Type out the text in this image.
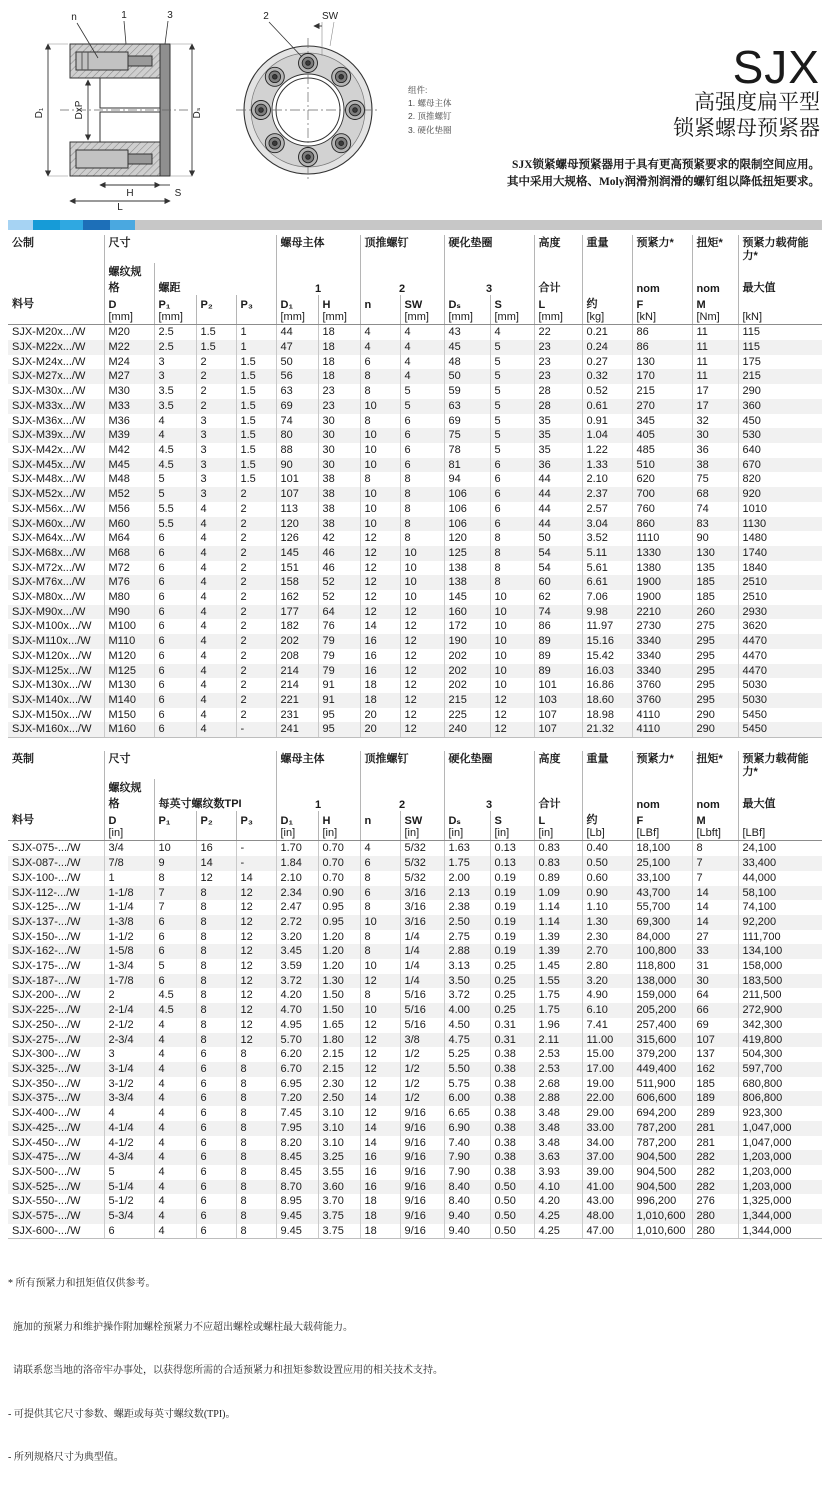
D₁	DxP	Dₛ
H	S
L
n	1	3	2	SW
组件:
1. 螺母主体
2. 顶推螺钉
3. 硬化垫圈
SJX
高强度扁平型
锁紧螺母预紧器
SJX锁紧螺母预紧器用于具有更高预紧要求的限制空间应用。
其中采用大规格、Moly润滑剂润滑的螺钉组以降低扭矩要求。
公制	尺寸				螺母主体		顶推螺钉		硬化垫圈		高度	重量	预紧力*	扭矩*	预紧力载荷能力*
	螺纹规格	螺距			1		2		3		合计		nom	nom	最大值
料号	D	P₁	P₂	P₃	D₁	H	n	SW	Dₛ	S	L	约	F	M	
	[mm]	[mm]			[mm]	[mm]		[mm]	[mm]	[mm]	[mm]	[kg]	[kN]	[Nm]	[kN]
SJX-M20x.../W	M20	2.5	1.5	1	44	18	4	4	43	4	22	0.21	86	11	115
SJX-M22x.../W	M22	2.5	1.5	1	47	18	4	4	45	5	23	0.24	86	11	115
SJX-M24x.../W	M24	3	2	1.5	50	18	6	4	48	5	23	0.27	130	11	175
SJX-M27x.../W	M27	3	2	1.5	56	18	8	4	50	5	23	0.32	170	11	215
SJX-M30x.../W	M30	3.5	2	1.5	63	23	8	5	59	5	28	0.52	215	17	290
SJX-M33x.../W	M33	3.5	2	1.5	69	23	10	5	63	5	28	0.61	270	17	360
SJX-M36x.../W	M36	4	3	1.5	74	30	8	6	69	5	35	0.91	345	32	450
SJX-M39x.../W	M39	4	3	1.5	80	30	10	6	75	5	35	1.04	405	30	530
SJX-M42x.../W	M42	4.5	3	1.5	88	30	10	6	78	5	35	1.22	485	36	640
SJX-M45x.../W	M45	4.5	3	1.5	90	30	10	6	81	6	36	1.33	510	38	670
SJX-M48x.../W	M48	5	3	1.5	101	38	8	8	94	6	44	2.10	620	75	820
SJX-M52x.../W	M52	5	3	2	107	38	10	8	106	6	44	2.37	700	68	920
SJX-M56x.../W	M56	5.5	4	2	113	38	10	8	106	6	44	2.57	760	74	1010
SJX-M60x.../W	M60	5.5	4	2	120	38	10	8	106	6	44	3.04	860	83	1130
SJX-M64x.../W	M64	6	4	2	126	42	12	8	120	8	50	3.52	1110	90	1480
SJX-M68x.../W	M68	6	4	2	145	46	12	10	125	8	54	5.11	1330	130	1740
SJX-M72x.../W	M72	6	4	2	151	46	12	10	138	8	54	5.61	1380	135	1840
SJX-M76x.../W	M76	6	4	2	158	52	12	10	138	8	60	6.61	1900	185	2510
SJX-M80x.../W	M80	6	4	2	162	52	12	10	145	10	62	7.06	1900	185	2510
SJX-M90x.../W	M90	6	4	2	177	64	12	12	160	10	74	9.98	2210	260	2930
SJX-M100x.../W	M100	6	4	2	182	76	14	12	172	10	86	11.97	2730	275	3620
SJX-M110x.../W	M110	6	4	2	202	79	16	12	190	10	89	15.16	3340	295	4470
SJX-M120x.../W	M120	6	4	2	208	79	16	12	202	10	89	15.42	3340	295	4470
SJX-M125x.../W	M125	6	4	2	214	79	16	12	202	10	89	16.03	3340	295	4470
SJX-M130x.../W	M130	6	4	2	214	91	18	12	202	10	101	16.86	3760	295	5030
SJX-M140x.../W	M140	6	4	2	221	91	18	12	215	12	103	18.60	3760	295	5030
SJX-M150x.../W	M150	6	4	2	231	95	20	12	225	12	107	18.98	4110	290	5450
SJX-M160x.../W	M160	6	4	-	241	95	20	12	240	12	107	21.32	4110	290	5450
英制	尺寸				螺母主体		顶推螺钉		硬化垫圈		高度	重量	预紧力*	扭矩*	预紧力载荷能力*
	螺纹规格	每英寸螺纹数TPI			1		2		3		合计		nom	nom	最大值
料号	D	P₁	P₂	P₃	D₁	H	n	SW	Dₛ	S	L	约	F	M	
	[in]				[in]	[in]		[in]	[in]	[in]	[in]	[Lb]	[LBf]	[Lbft]	[LBf]
SJX-075-.../W	3/4	10	16	-	1.70	0.70	4	5/32	1.63	0.13	0.83	0.40	18,100	8	24,100
SJX-087-.../W	7/8	9	14	-	1.84	0.70	6	5/32	1.75	0.13	0.83	0.50	25,100	7	33,400
SJX-100-.../W	1	8	12	14	2.10	0.70	8	5/32	2.00	0.19	0.89	0.60	33,100	7	44,000
SJX-112-.../W	1-1/8	7	8	12	2.34	0.90	6	3/16	2.13	0.19	1.09	0.90	43,700	14	58,100
SJX-125-.../W	1-1/4	7	8	12	2.47	0.95	8	3/16	2.38	0.19	1.14	1.10	55,700	14	74,100
SJX-137-.../W	1-3/8	6	8	12	2.72	0.95	10	3/16	2.50	0.19	1.14	1.30	69,300	14	92,200
SJX-150-.../W	1-1/2	6	8	12	3.20	1.20	8	1/4	2.75	0.19	1.39	2.30	84,000	27	111,700
SJX-162-.../W	1-5/8	6	8	12	3.45	1.20	8	1/4	2.88	0.19	1.39	2.70	100,800	33	134,100
SJX-175-.../W	1-3/4	5	8	12	3.59	1.20	10	1/4	3.13	0.25	1.45	2.80	118,800	31	158,000
SJX-187-.../W	1-7/8	6	8	12	3.72	1.30	12	1/4	3.50	0.25	1.55	3.20	138,000	30	183,500
SJX-200-.../W	2	4.5	8	12	4.20	1.50	8	5/16	3.72	0.25	1.75	4.90	159,000	64	211,500
SJX-225-.../W	2-1/4	4.5	8	12	4.70	1.50	10	5/16	4.00	0.25	1.75	6.10	205,200	66	272,900
SJX-250-.../W	2-1/2	4	8	12	4.95	1.65	12	5/16	4.50	0.31	1.96	7.41	257,400	69	342,300
SJX-275-.../W	2-3/4	4	8	12	5.70	1.80	12	3/8	4.75	0.31	2.11	11.00	315,600	107	419,800
SJX-300-.../W	3	4	6	8	6.20	2.15	12	1/2	5.25	0.38	2.53	15.00	379,200	137	504,300
SJX-325-.../W	3-1/4	4	6	8	6.70	2.15	12	1/2	5.50	0.38	2.53	17.00	449,400	162	597,700
SJX-350-.../W	3-1/2	4	6	8	6.95	2.30	12	1/2	5.75	0.38	2.68	19.00	511,900	185	680,800
SJX-375-.../W	3-3/4	4	6	8	7.20	2.50	14	1/2	6.00	0.38	2.88	22.00	606,600	189	806,800
SJX-400-.../W	4	4	6	8	7.45	3.10	12	9/16	6.65	0.38	3.48	29.00	694,200	289	923,300
SJX-425-.../W	4-1/4	4	6	8	7.95	3.10	14	9/16	6.90	0.38	3.48	33.00	787,200	281	1,047,000
SJX-450-.../W	4-1/2	4	6	8	8.20	3.10	14	9/16	7.40	0.38	3.48	34.00	787,200	281	1,047,000
SJX-475-.../W	4-3/4	4	6	8	8.45	3.25	16	9/16	7.90	0.38	3.63	37.00	904,500	282	1,203,000
SJX-500-.../W	5	4	6	8	8.45	3.55	16	9/16	7.90	0.38	3.93	39.00	904,500	282	1,203,000
SJX-525-.../W	5-1/4	4	6	8	8.70	3.60	16	9/16	8.40	0.50	4.10	41.00	904,500	282	1,203,000
SJX-550-.../W	5-1/2	4	6	8	8.95	3.70	18	9/16	8.40	0.50	4.20	43.00	996,200	276	1,325,000
SJX-575-.../W	5-3/4	4	6	8	9.45	3.75	18	9/16	9.40	0.50	4.25	48.00	1,010,600	280	1,344,000
SJX-600-.../W	6	4	6	8	9.45	3.75	18	9/16	9.40	0.50	4.25	47.00	1,010,600	280	1,344,000

* 所有预紧力和扭矩值仅供参考。

施加的预紧力和维护操作附加螺栓预紧力不应超出螺栓或螺柱最大载荷能力。

请联系您当地的洛帝牢办事处，以获得您所需的合适预紧力和扭矩参数设置应用的相关技术支持。

- 可提供其它尺寸参数、螺距或每英寸螺纹数(TPI)。

- 所列规格尺寸为典型值。
